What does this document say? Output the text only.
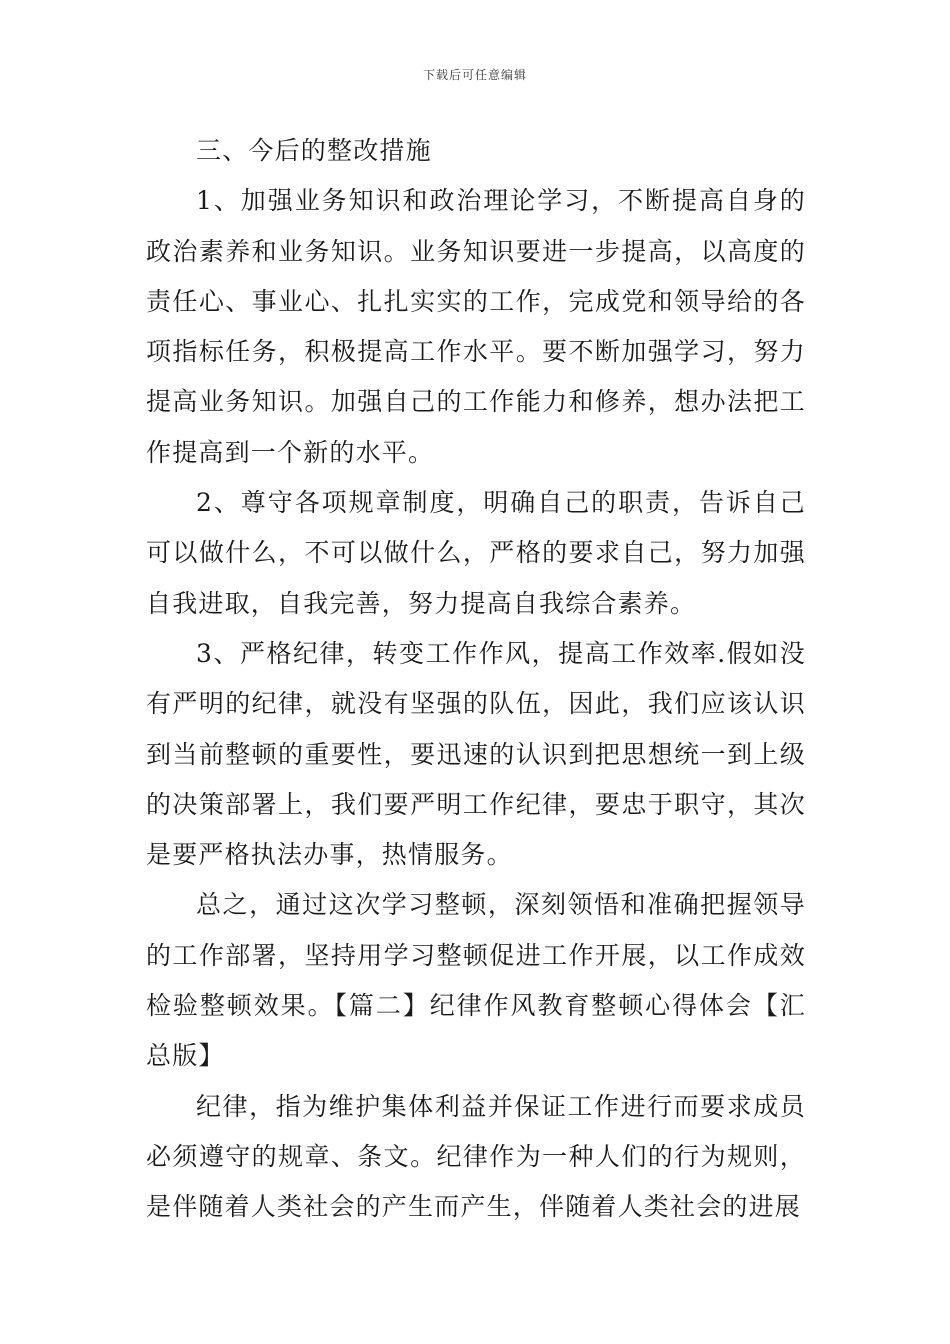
下载后可任意编辑

三、今后的整改措施

1、加强业务知识和政治理论学习，不断提高自身的政治素养和业务知识。业务知识要进一步提高，以高度的责任心、事业心、扎扎实实的工作，完成党和领导给的各项指标任务，积极提高工作水平。要不断加强学习，努力提高业务知识。加强自己的工作能力和修养，想办法把工作提高到一个新的水平。

2、尊守各项规章制度，明确自己的职责，告诉自己可以做什么，不可以做什么，严格的要求自己，努力加强自我进取，自我完善，努力提高自我综合素养。

3、严格纪律，转变工作作风，提高工作效率.假如没有严明的纪律，就没有坚强的队伍，因此，我们应该认识到当前整顿的重要性，要迅速的认识到把思想统一到上级的决策部署上，我们要严明工作纪律，要忠于职守，其次是要严格执法办事，热情服务。

总之，通过这次学习整顿，深刻领悟和准确把握领导的工作部署，坚持用学习整顿促进工作开展，以工作成效检验整顿效果。【篇二】纪律作风教育整顿心得体会【汇总版】

纪律，指为维护集体利益并保证工作进行而要求成员必须遵守的规章、条文。纪律作为一种人们的行为规则，是伴随着人类社会的产生而产生，伴随着人类社会的进展
